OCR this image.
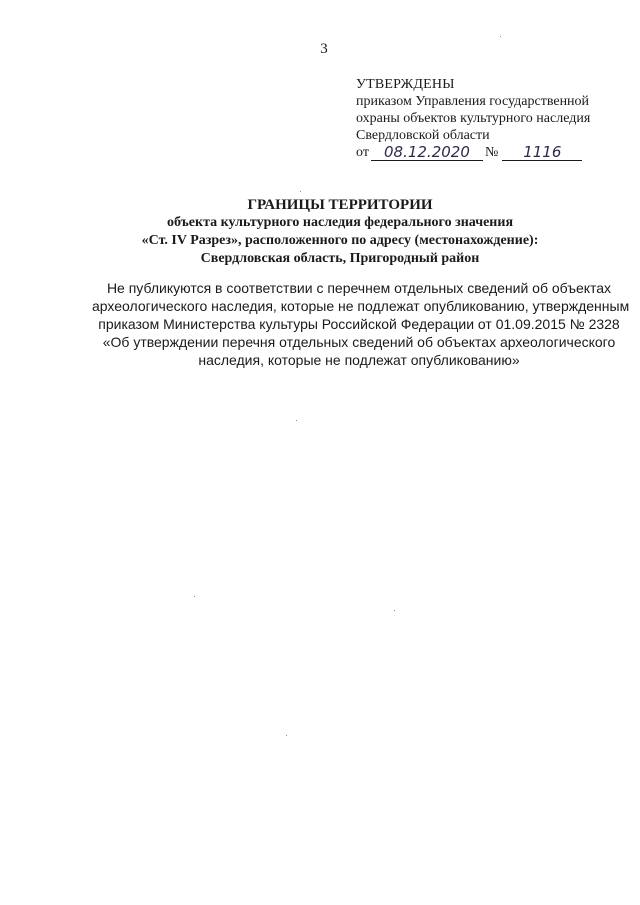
3
УТВЕРЖДЕНЫ
приказом Управления государственной
охраны объектов культурного наследия
Свердловской области
от	08.12.2020	№	1116
ГРАНИЦЫ ТЕРРИТОРИИ
объекта культурного наследия федерального значения
«Ст. IV Разрез», расположенного по адресу (местонахождение):
Свердловская область, Пригородный район
Не публикуются в соответствии с перечнем отдельных сведений об объектах
археологического наследия, которые не подлежат опубликованию, утвержденным
приказом Министерства культуры Российской Федерации от 01.09.2015 № 2328
«Об утверждении перечня отдельных сведений об объектах археологического
наследия, которые не подлежат опубликованию»
